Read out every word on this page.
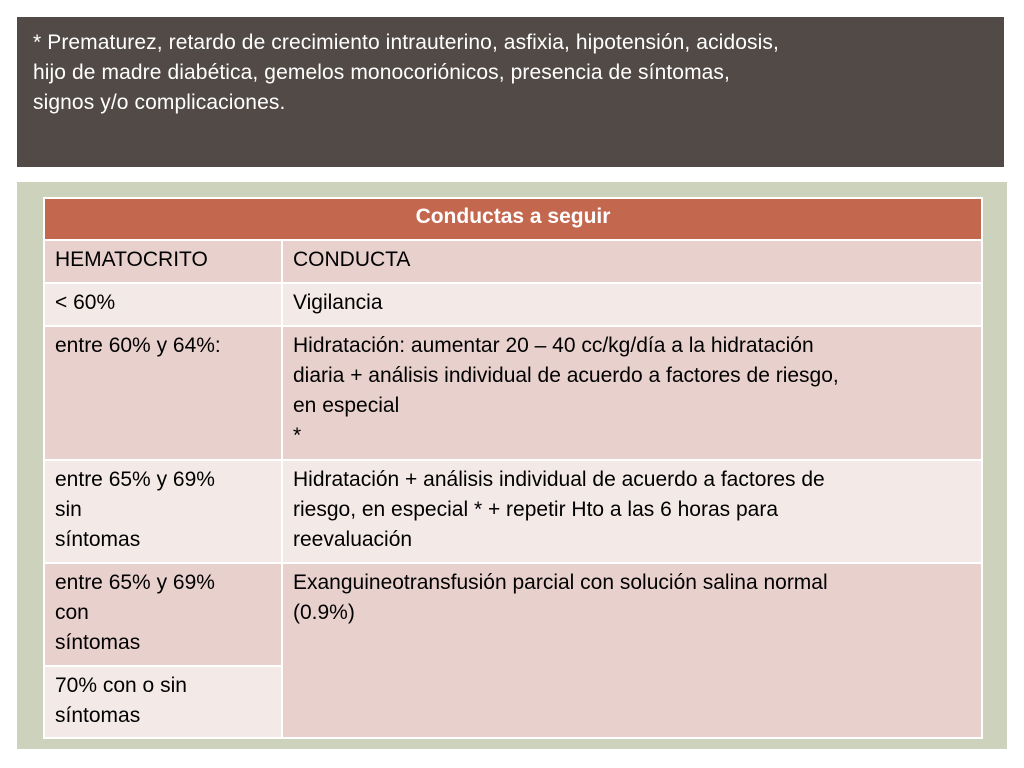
* Prematurez, retardo de crecimiento intrauterino, asfixia, hipotensión, acidosis,
hijo de madre diabética, gemelos monocoriónicos, presencia de síntomas,
signos y/o complicaciones.

Conductas a seguir	
HEMATOCRITO	CONDUCTA
< 60%	Vigilancia
entre 60% y 64%:	Hidratación: aumentar 20 – 40 cc/kg/día a la hidratación
diaria + análisis individual de acuerdo a factores de riesgo,
en especial
*
entre 65% y 69%
sin
síntomas	Hidratación + análisis individual de acuerdo a factores de
riesgo, en especial * + repetir Hto a las 6 horas para
reevaluación
entre 65% y 69%
con
síntomas	Exanguineotransfusión parcial con solución salina normal
(0.9%)
70% con o sin
síntomas	
